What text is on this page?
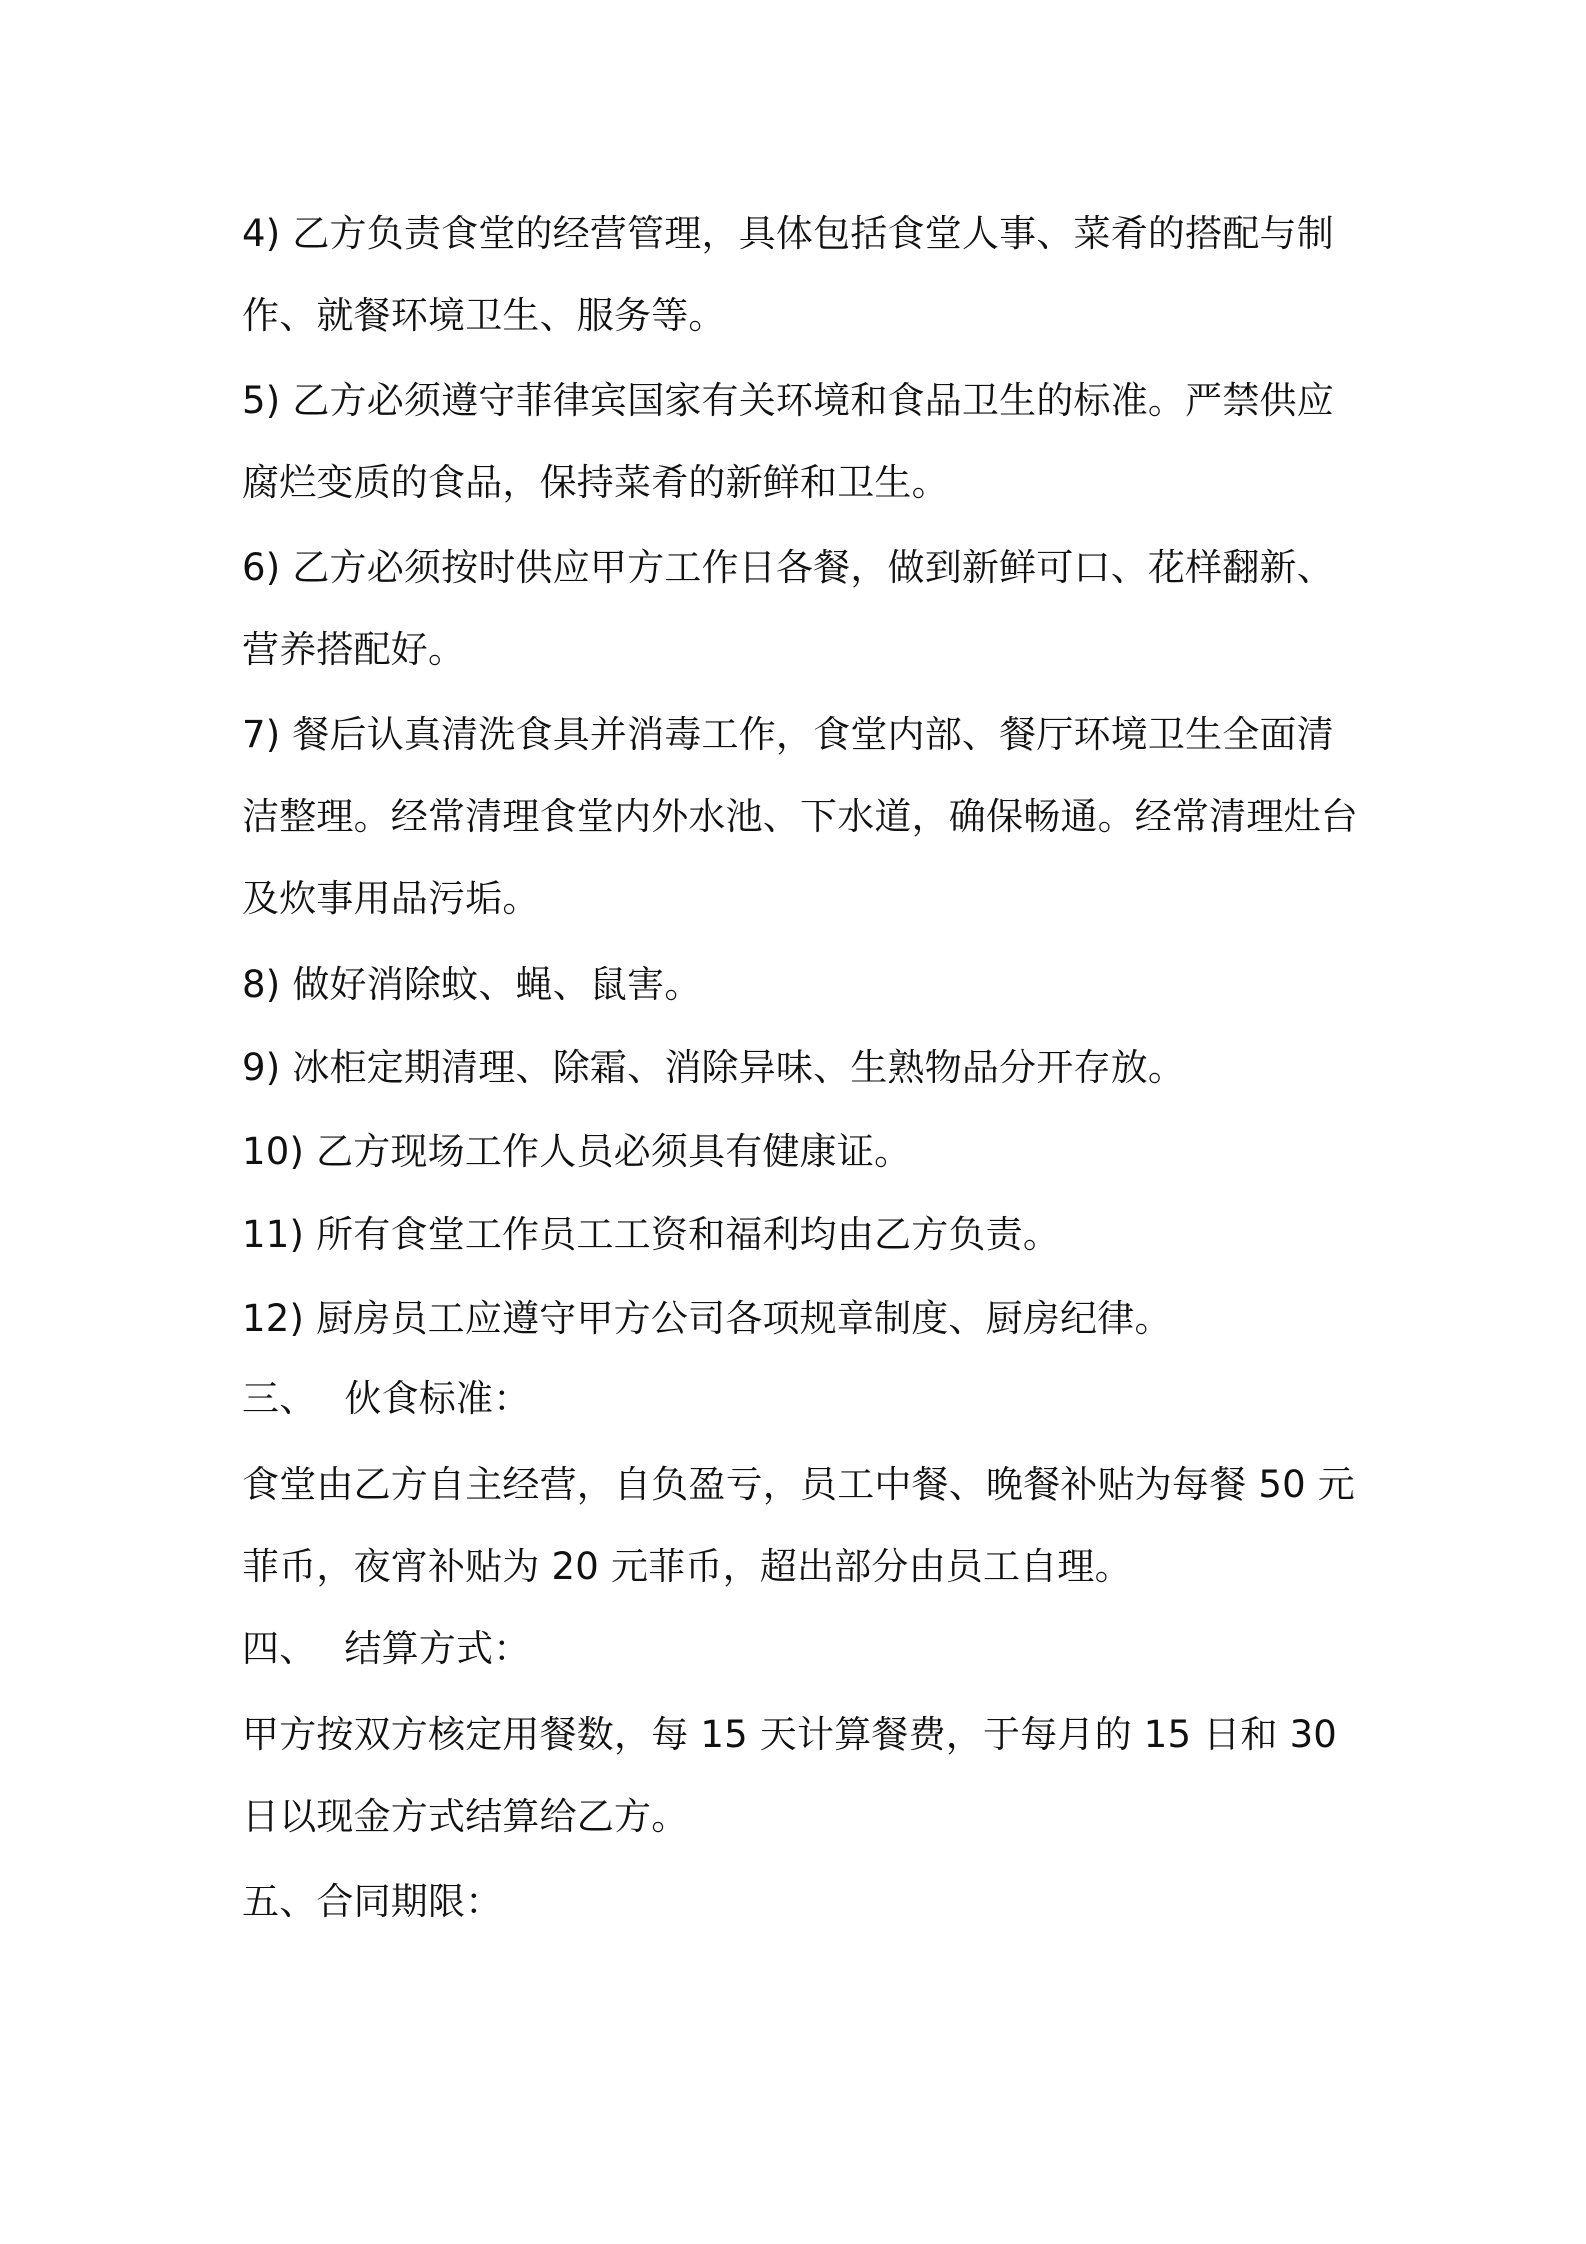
4) 乙方负责食堂的经营管理，具体包括食堂人事、菜肴的搭配与制
作、就餐环境卫生、服务等。
5) 乙方必须遵守菲律宾国家有关环境和食品卫生的标准。严禁供应
腐烂变质的食品，保持菜肴的新鲜和卫生。
6) 乙方必须按时供应甲方工作日各餐，做到新鲜可口、花样翻新、
营养搭配好。
7) 餐后认真清洗食具并消毒工作，食堂内部、餐厅环境卫生全面清
洁整理。经常清理食堂内外水池、下水道，确保畅通。经常清理灶台
及炊事用品污垢。
8) 做好消除蚊、蝇、鼠害。
9) 冰柜定期清理、除霜、消除异味、生熟物品分开存放。
10) 乙方现场工作人员必须具有健康证。
11) 所有食堂工作员工工资和福利均由乙方负责。
12) 厨房员工应遵守甲方公司各项规章制度、厨房纪律。
三、 伙食标准：
食堂由乙方自主经营，自负盈亏，员工中餐、晚餐补贴为每餐 50 元
菲币，夜宵补贴为 20 元菲币，超出部分由员工自理。
四、 结算方式：
甲方按双方核定用餐数，每 15 天计算餐费，于每月的 15 日和 30
日以现金方式结算给乙方。
五、合同期限：
